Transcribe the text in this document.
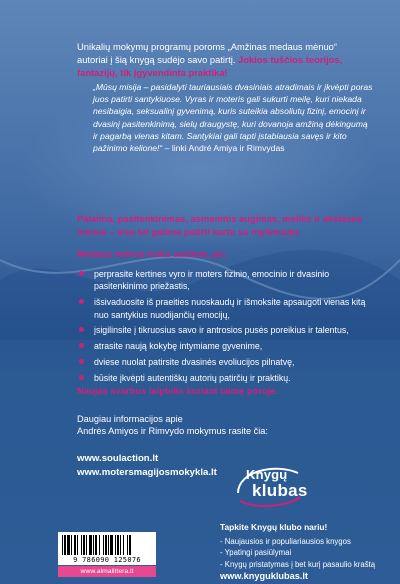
Unikalių mokymų programų poroms „Amžinas medaus mėnuo“ autoriai į šią knygą sudėjo savo patirtį. Jokios tuščios teorijos, fantazijų, tik įgyvendinta praktika!

„Mūsų misija – pasidalyti tauriausiais dvasiniais atradimais ir įkvėpti poras juos patirti santykiuose. Vyras ir moteris gali sukurti meilę, kuri niekada nesibaigia, seksualinį gyvenimą, kuris suteikia absoliutų fizinį, emocinį ir dvasinį pasitenkinimą, sielų draugystę, kuri dovanoja amžiną dėkingumą ir pagarbą vienas kitam. Santykiai gali tapti įstabiausia savęs ir kito pažinimo kelione!“ – linki André Amiya ir Rimvydas

Palaima, pasitenkinimas, asmeninis augimas, meilės ir ekstazės menas – visa tai galima patirti kartu su mylimuoju.

Medaus mėnuo truks amžinai, jei:

perprasite kertines vyro ir moters fizinio, emocinio ir dvasinio pasitenkinimo priežastis,
išsivaduosite iš praeities nuoskaudų ir išmoksite apsaugoti vienas kitą nuo santykius nuodijančių emocijų,
įsigilinsite į tikruosius savo ir antrosios pusės poreikius ir talentus,
atrasite naują kokybę intymiame gyvenime,
dviese nuolat patirsite dvasinės evoliucijos pilnatvę,
būsite įkvėpti autentiškų autorių patirčių ir praktikų.

Naujas svarbus laiptelis kuriant laimę poroje.

Daugiau informacijos apie
Andrės Amiyos ir Rimvydo mokymus rasite čia:

www.soulaction.lt
www.motersmagijosmokykla.lt Knygų
klubas
9 786090 125076
www.almalittera.lt
Tapkite Knygų klubo nariu!
- Naujausios ir populiariausios knygos
- Ypatingi pasiūlymai
- Knygų pristatymas į bet kurį pasaulio kraštą
www.knyguklubas.lt
